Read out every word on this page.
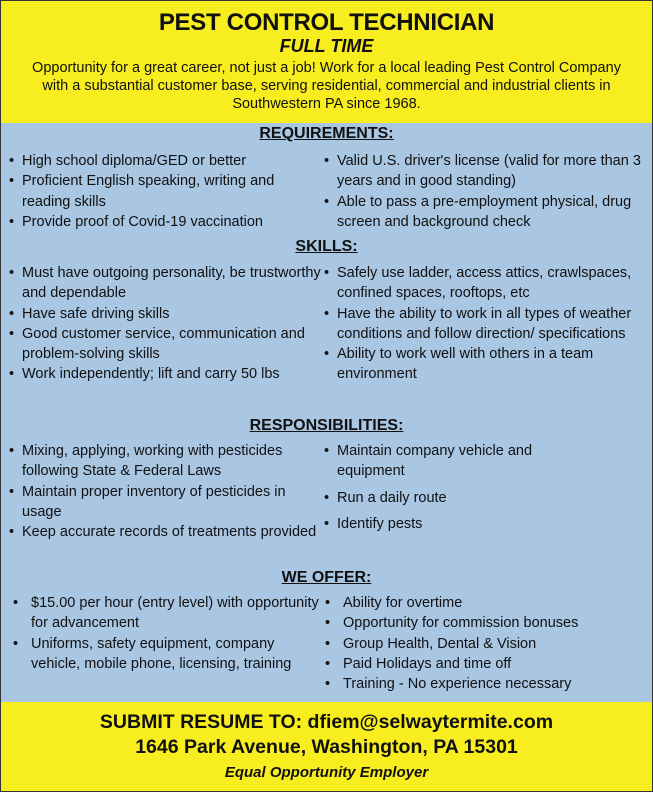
PEST CONTROL TECHNICIAN
FULL TIME
Opportunity for a great career, not just a job! Work for a local leading Pest Control Company with a substantial customer base, serving residential, commercial and industrial clients in Southwestern PA since 1968.
REQUIREMENTS:
• High school diploma/GED or better
• Proficient English speaking, writing and reading skills
• Provide proof of Covid-19 vaccination
• Valid U.S. driver's license (valid for more than 3 years and in good standing)
• Able to pass a pre-employment physical, drug screen and background check
SKILLS:
• Must have outgoing personality, be trustworthy and dependable
• Have safe driving skills
• Good customer service, communication and problem-solving skills
• Work independently; lift and carry 50 lbs
• Safely use ladder, access attics, crawlspaces, confined spaces, rooftops, etc
• Have the ability to work in all types of weather conditions and follow direction/ specifications
• Ability to work well with others in a team environment
RESPONSIBILITIES:
• Mixing, applying, working with pesticides following State & Federal Laws
• Maintain proper inventory of pesticides in usage
• Keep accurate records of treatments provided
• Maintain company vehicle and equipment
• Run a daily route
• Identify pests
WE OFFER:
• $15.00 per hour (entry level) with opportunity for advancement
• Uniforms, safety equipment, company vehicle, mobile phone, licensing, training
• Ability for overtime
• Opportunity for commission bonuses
• Group Health, Dental & Vision
• Paid Holidays and time off
• Training - No experience necessary
SUBMIT RESUME TO: dfiem@selwaytermite.com
1646 Park Avenue, Washington, PA 15301
Equal Opportunity Employer
